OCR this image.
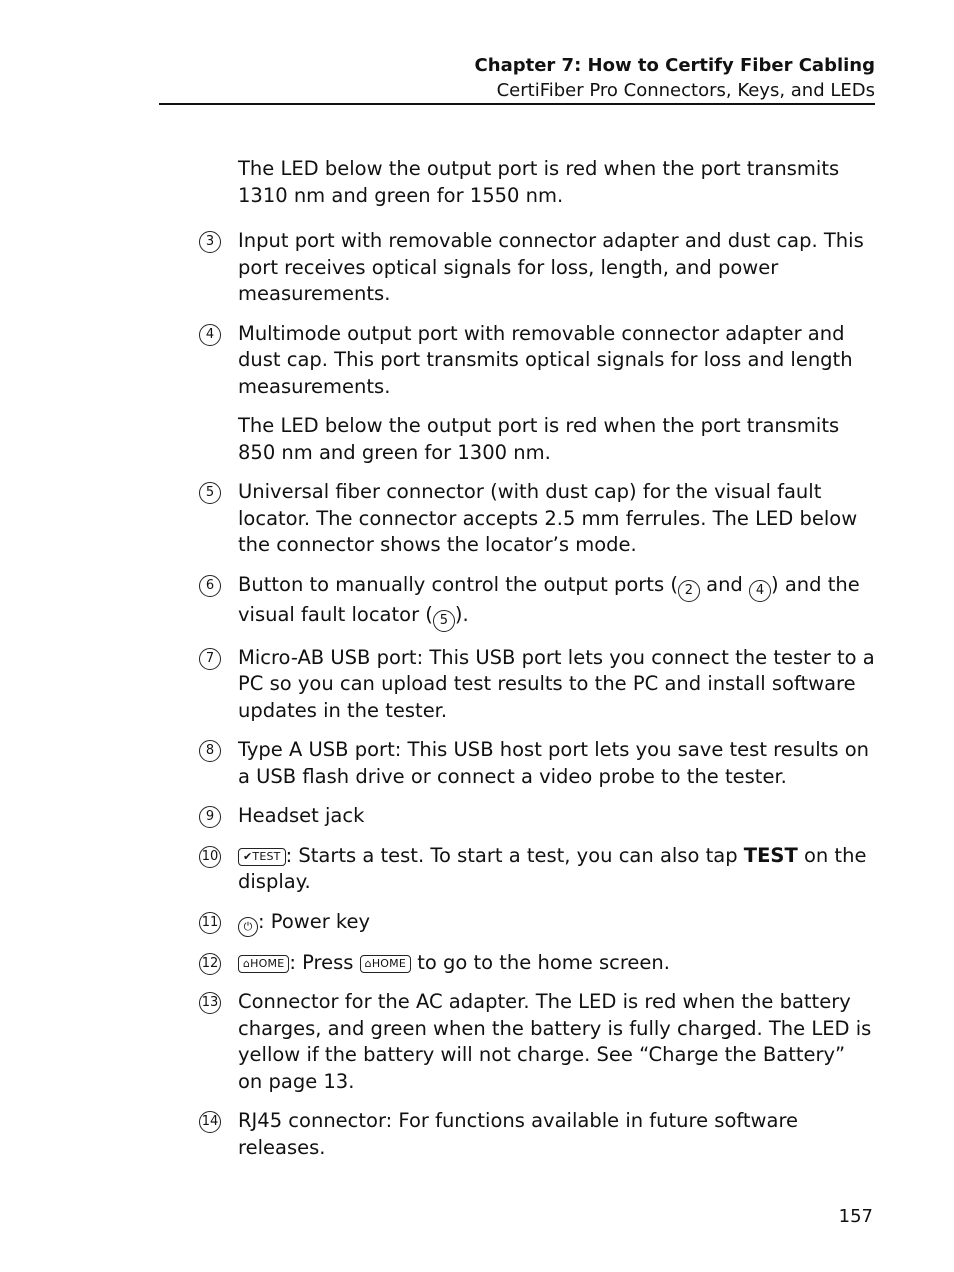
Chapter 7: How to Certify Fiber Cabling
CertiFiber Pro Connectors, Keys, and LEDs

The LED below the output port is red when the port transmits 1310 nm and green for 1550 nm.

3	Input port with removable connector adapter and dust cap. This port receives optical signals for loss, length, and power measurements.
4	Multimode output port with removable connector adapter and dust cap. This port transmits optical signals for loss and length measurements.

The LED below the output port is red when the port transmits 850 nm and green for 1300 nm.

5	Universal fiber connector (with dust cap) for the visual fault locator. The connector accepts 2.5 mm ferrules. The LED below the connector shows the locator’s mode.
6	Button to manually control the output ports ( 2 and 4 ) and the visual fault locator ( 5 ).
7	Micro-AB USB port: This USB port lets you connect the tester to a PC so you can upload test results to the PC and install software updates in the tester.
8	Type A USB port: This USB host port lets you save test results on a USB flash drive or connect a video probe to the tester.
9	Headset jack
10 ✔TEST : Starts a test. To start a test, you can also tap TEST on the display.
11 ⏻ : Power key
12 ⌂HOME : Press ⌂HOME to go to the home screen.
13 Connector for the AC adapter. The LED is red when the battery charges, and green when the battery is fully charged. The LED is yellow if the battery will not charge. See “Charge the Battery” on page 13.
14 RJ45 connector: For functions available in future software releases.
157
